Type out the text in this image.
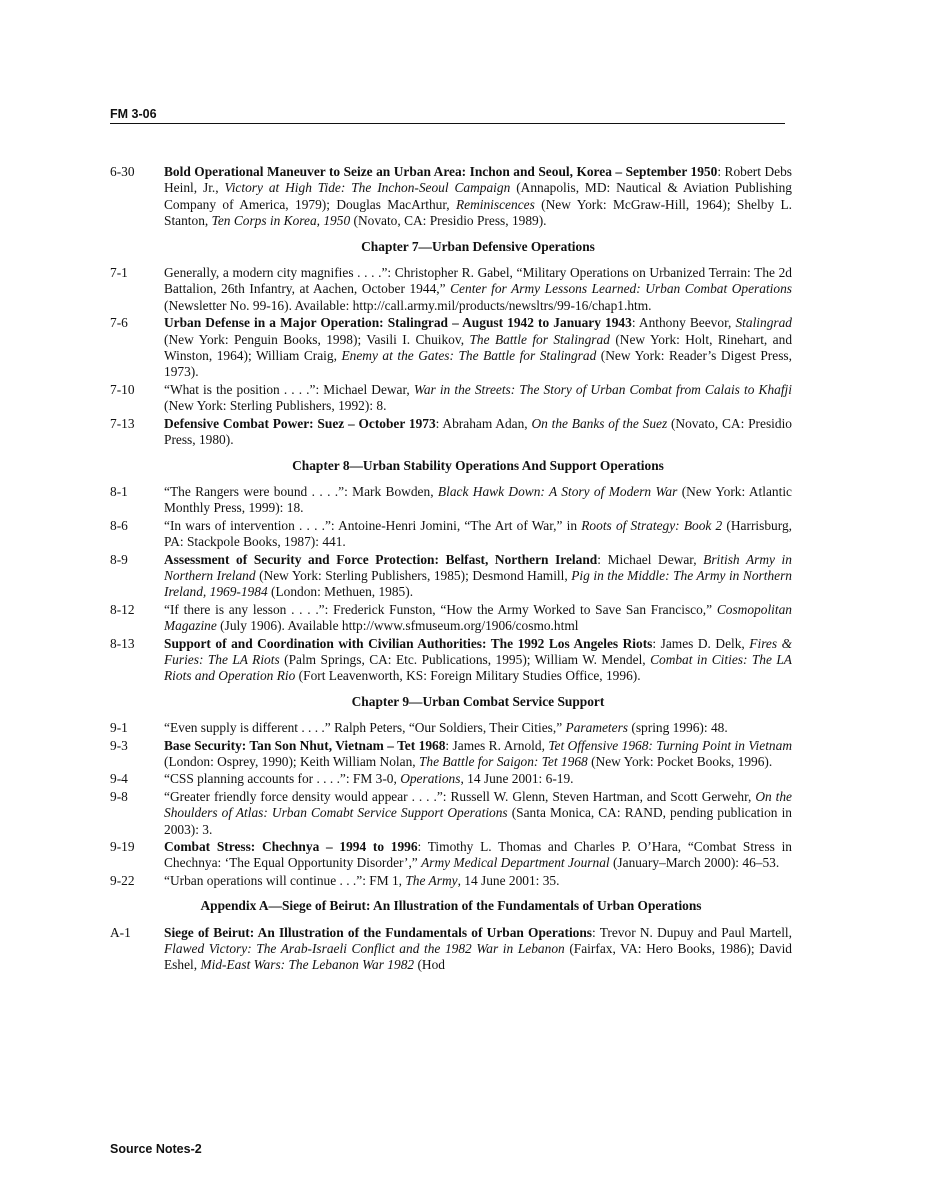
FM 3-06
6-30	Bold Operational Maneuver to Seize an Urban Area: Inchon and Seoul, Korea – September 1950: Robert Debs Heinl, Jr., Victory at High Tide: The Inchon-Seoul Campaign (Annapolis, MD: Nautical & Aviation Publishing Company of America, 1979); Douglas MacArthur, Reminiscences (New York: McGraw-Hill, 1964); Shelby L. Stanton, Ten Corps in Korea, 1950 (Novato, CA: Presidio Press, 1989).
Chapter 7—Urban Defensive Operations
7-1	Generally, a modern city magnifies . . . .”: Christopher R. Gabel, “Military Operations on Urbanized Terrain: The 2d Battalion, 26th Infantry, at Aachen, October 1944,” Center for Army Lessons Learned: Urban Combat Operations (Newsletter No. 99-16). Available: http://call.army.mil/products/newsltrs/99-16/chap1.htm.
7-6	Urban Defense in a Major Operation: Stalingrad – August 1942 to January 1943: Anthony Beevor, Stalingrad (New York: Penguin Books, 1998); Vasili I. Chuikov, The Battle for Stalingrad (New York: Holt, Rinehart, and Winston, 1964); William Craig, Enemy at the Gates: The Battle for Stalingrad (New York: Reader’s Digest Press, 1973).
7-10	“What is the position . . . .”: Michael Dewar, War in the Streets: The Story of Urban Combat from Calais to Khafji (New York: Sterling Publishers, 1992): 8.
7-13	Defensive Combat Power: Suez – October 1973: Abraham Adan, On the Banks of the Suez (Novato, CA: Presidio Press, 1980).
Chapter 8—Urban Stability Operations And Support Operations
8-1	“The Rangers were bound . . . .”: Mark Bowden, Black Hawk Down: A Story of Modern War (New York: Atlantic Monthly Press, 1999): 18.
8-6	“In wars of intervention . . . .”: Antoine-Henri Jomini, “The Art of War,” in Roots of Strategy: Book 2 (Harrisburg, PA: Stackpole Books, 1987): 441.
8-9	Assessment of Security and Force Protection: Belfast, Northern Ireland: Michael Dewar, British Army in Northern Ireland (New York: Sterling Publishers, 1985); Desmond Hamill, Pig in the Middle: The Army in Northern Ireland, 1969-1984 (London: Methuen, 1985).
8-12	“If there is any lesson . . . .”: Frederick Funston, “How the Army Worked to Save San Francisco,” Cosmopolitan Magazine (July 1906). Available http://www.sfmuseum.org/1906/cosmo.html
8-13	Support of and Coordination with Civilian Authorities: The 1992 Los Angeles Riots: James D. Delk, Fires & Furies: The LA Riots (Palm Springs, CA: Etc. Publications, 1995); William W. Mendel, Combat in Cities: The LA Riots and Operation Rio (Fort Leavenworth, KS: Foreign Military Studies Office, 1996).
Chapter 9—Urban Combat Service Support
9-1	“Even supply is different . . . .” Ralph Peters, “Our Soldiers, Their Cities,” Parameters (spring 1996): 48.
9-3	Base Security: Tan Son Nhut, Vietnam – Tet 1968: James R. Arnold, Tet Offensive 1968: Turning Point in Vietnam (London: Osprey, 1990); Keith William Nolan, The Battle for Saigon: Tet 1968 (New York: Pocket Books, 1996).
9-4	“CSS planning accounts for . . . .”: FM 3-0, Operations, 14 June 2001: 6-19.
9-8	“Greater friendly force density would appear . . . .”: Russell W. Glenn, Steven Hartman, and Scott Gerwehr, On the Shoulders of Atlas: Urban Comabt Service Support Operations (Santa Monica, CA: RAND, pending publication in 2003): 3.
9-19	Combat Stress: Chechnya – 1994 to 1996: Timothy L. Thomas and Charles P. O’Hara, “Combat Stress in Chechnya: ‘The Equal Opportunity Disorder’,” Army Medical Department Journal (January–March 2000): 46–53.
9-22	“Urban operations will continue . . .”: FM 1, The Army, 14 June 2001: 35.
Appendix A—Siege of Beirut: An Illustration of the Fundamentals of Urban Operations
A-1	Siege of Beirut: An Illustration of the Fundamentals of Urban Operations: Trevor N. Dupuy and Paul Martell, Flawed Victory: The Arab-Israeli Conflict and the 1982 War in Lebanon (Fairfax, VA: Hero Books, 1986); David Eshel, Mid-East Wars: The Lebanon War 1982 (Hod
Source Notes-2
